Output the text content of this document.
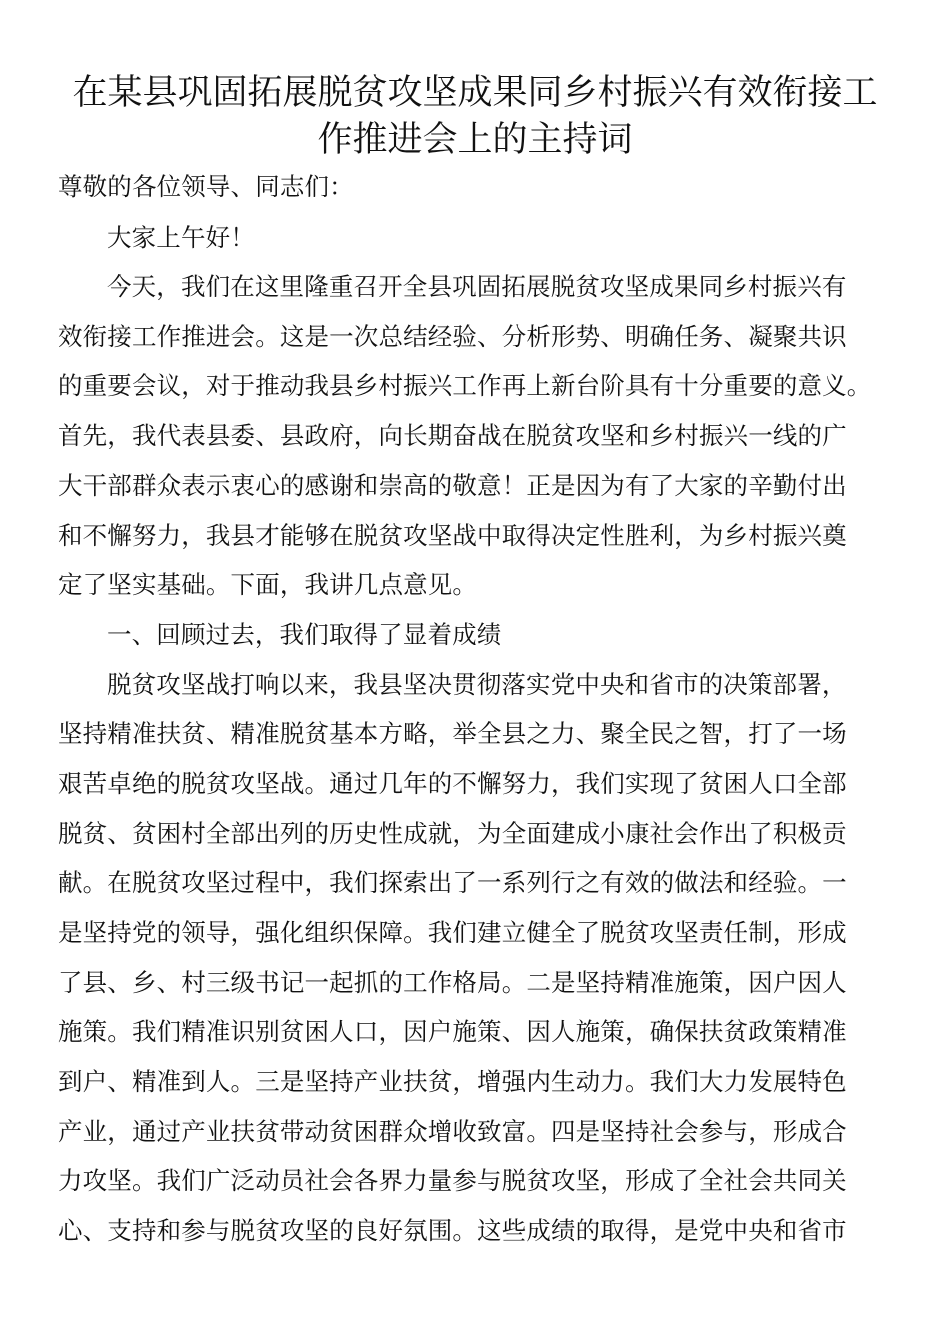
在某县巩固拓展脱贫攻坚成果同乡村振兴有效衔接工
作推进会上的主持词
尊敬的各位领导、同志们：
大家上午好！
今天，我们在这里隆重召开全县巩固拓展脱贫攻坚成果同乡村振兴有
效衔接工作推进会。这是一次总结经验、分析形势、明确任务、凝聚共识
的重要会议，对于推动我县乡村振兴工作再上新台阶具有十分重要的意义。
首先，我代表县委、县政府，向长期奋战在脱贫攻坚和乡村振兴一线的广
大干部群众表示衷心的感谢和崇高的敬意！正是因为有了大家的辛勤付出
和不懈努力，我县才能够在脱贫攻坚战中取得决定性胜利，为乡村振兴奠
定了坚实基础。下面，我讲几点意见。
一、回顾过去，我们取得了显着成绩
脱贫攻坚战打响以来，我县坚决贯彻落实党中央和省市的决策部署，
坚持精准扶贫、精准脱贫基本方略，举全县之力、聚全民之智，打了一场
艰苦卓绝的脱贫攻坚战。通过几年的不懈努力，我们实现了贫困人口全部
脱贫、贫困村全部出列的历史性成就，为全面建成小康社会作出了积极贡
献。在脱贫攻坚过程中，我们探索出了一系列行之有效的做法和经验。一
是坚持党的领导，强化组织保障。我们建立健全了脱贫攻坚责任制，形成
了县、乡、村三级书记一起抓的工作格局。二是坚持精准施策，因户因人
施策。我们精准识别贫困人口，因户施策、因人施策，确保扶贫政策精准
到户、精准到人。三是坚持产业扶贫，增强内生动力。我们大力发展特色
产业，通过产业扶贫带动贫困群众增收致富。四是坚持社会参与，形成合
力攻坚。我们广泛动员社会各界力量参与脱贫攻坚，形成了全社会共同关
心、支持和参与脱贫攻坚的良好氛围。这些成绩的取得，是党中央和省市
